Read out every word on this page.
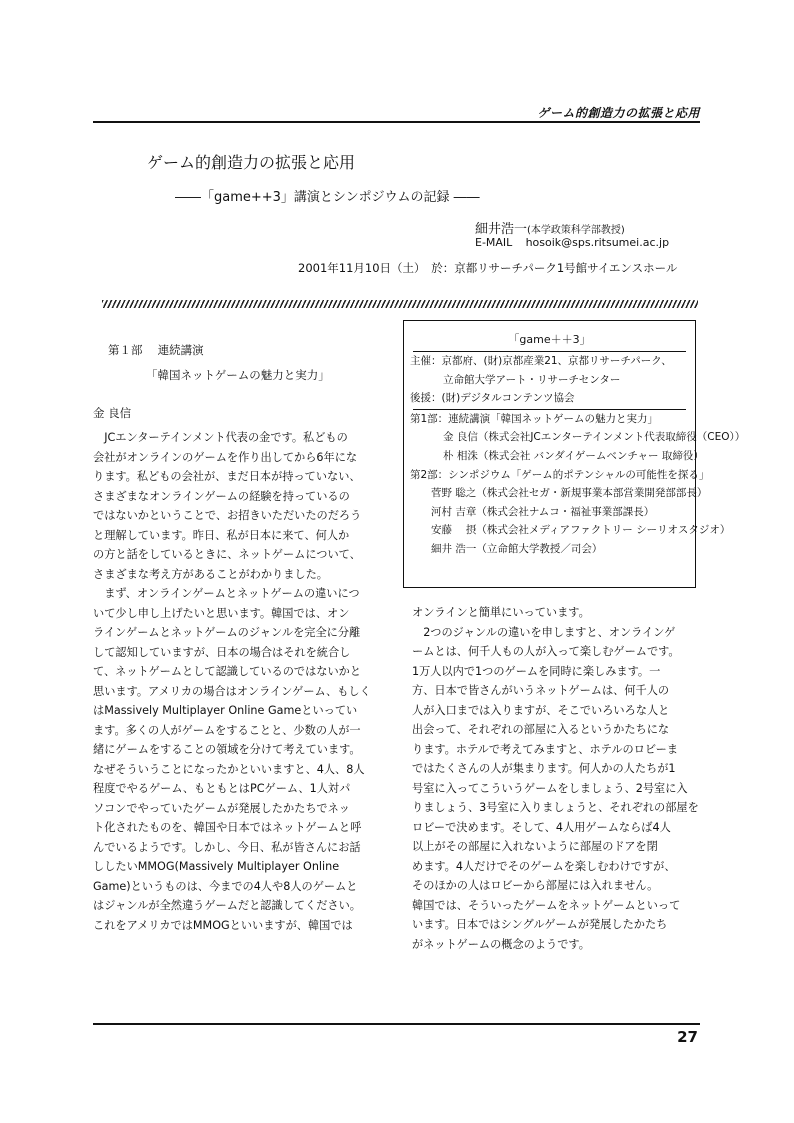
ゲーム的創造力の拡張と応用
ゲーム的創造力の拡張と応用
――「game++3」講演とシンポジウムの記録 ――
細井浩一(本学政策科学部教授)
E-MAIL hosoik@sps.ritsumei.ac.jp
2001年11月10日（土）　於：京都リサーチパーク1号館サイエンスホール
第１部　 連続講演
「韓国ネットゲームの魅力と実力」
金 良信
　JCエンターテインメント代表の金です。私どもの
会社がオンラインのゲームを作り出してから6年にな
ります。私どもの会社が、まだ日本が持っていない、
さまざまなオンラインゲームの経験を持っているの
ではないかということで、お招きいただいたのだろう
と理解しています。昨日、私が日本に来て、何人か
の方と話をしているときに、ネットゲームについて、
さまざまな考え方があることがわかりました。
　まず、オンラインゲームとネットゲームの違いにつ
いて少し申し上げたいと思います。韓国では、オン
ラインゲームとネットゲームのジャンルを完全に分離
して認知していますが、日本の場合はそれを統合し
て、ネットゲームとして認識しているのではないかと
思います。アメリカの場合はオンラインゲーム、もしく
はMassively Multiplayer Online Gameといってい
ます。多くの人がゲームをすることと、少数の人が一
緒にゲームをすることの領域を分けて考えています。
なぜそういうことになったかといいますと、4人、8人
程度でやるゲーム、もともとはPCゲーム、1人対パ
ソコンでやっていたゲームが発展したかたちでネッ
ト化されたものを、韓国や日本ではネットゲームと呼
んでいるようです。しかし、今日、私が皆さんにお話
ししたいMMOG(Massively Multiplayer Online
Game)というものは、今までの4人や8人のゲームと
はジャンルが全然違うゲームだと認識してください。
これをアメリカではMMOGといいますが、韓国では
オンラインと簡単にいっています。
　2つのジャンルの違いを申しますと、オンラインゲ
ームとは、何千人もの人が入って楽しむゲームです。
1万人以内で1つのゲームを同時に楽しみます。一
方、日本で皆さんがいうネットゲームは、何千人の
人が入口までは入りますが、そこでいろいろな人と
出会って、それぞれの部屋に入るというかたちにな
ります。ホテルで考えてみますと、ホテルのロビーま
ではたくさんの人が集まります。何人かの人たちが1
号室に入ってこういうゲームをしましょう、2号室に入
りましょう、3号室に入りましょうと、それぞれの部屋を
ロビーで決めます。そして、4人用ゲームならば4人
以上がその部屋に入れないように部屋のドアを閉
めます。4人だけでそのゲームを楽しむわけですが、
そのほかの人はロビーから部屋には入れません。
韓国では、そういったゲームをネットゲームといって
います。日本ではシングルゲームが発展したかたち
がネットゲームの概念のようです。
「game＋＋3」
主催：京都府、(財)京都産業21、京都リサーチパーク、
立命館大学アート・リサーチセンター
後援：(財)デジタルコンテンツ協会
第1部：連続講演「韓国ネットゲームの魅力と実力」
金 良信（株式会社JCエンターテインメント代表取締役（CEO））
朴 相洙（株式会社 バンダイゲームベンチャー 取締役）
第2部：シンポジウム「ゲーム的ポテンシャルの可能性を探る」
菅野 聡之（株式会社セガ・新規事業本部営業開発部部長）
河村 吉章（株式会社ナムコ・福祉事業部課長）
安藤　 摂（株式会社メディアファクトリー シーリオスタジオ）
細井 浩一（立命館大学教授／司会）
27
